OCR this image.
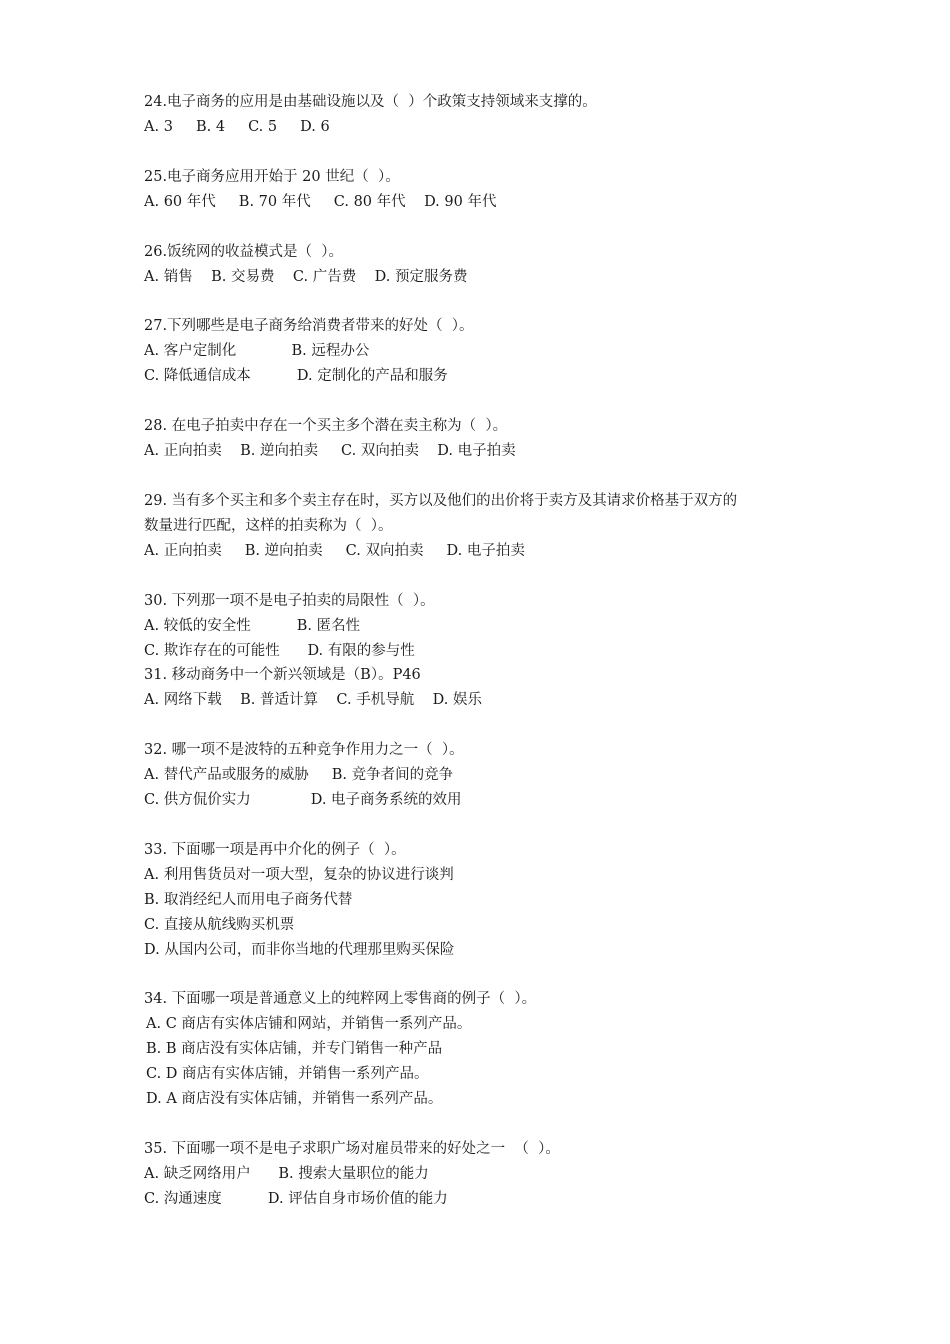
24.电子商务的应用是由基础设施以及（  ）个政策支持领域来支撑的。
A. 3     B. 4     C. 5     D. 6
25.电子商务应用开始于 20 世纪（  ）。
A. 60 年代     B. 70 年代     C. 80 年代    D. 90 年代
26.饭统网的收益模式是（  ）。
A. 销售    B. 交易费    C. 广告费    D. 预定服务费
27.下列哪些是电子商务给消费者带来的好处（  ）。
A. 客户定制化            B. 远程办公
C. 降低通信成本          D. 定制化的产品和服务
28. 在电子拍卖中存在一个买主多个潜在卖主称为（  ）。
A. 正向拍卖    B. 逆向拍卖     C. 双向拍卖    D. 电子拍卖
29. 当有多个买主和多个卖主存在时，买方以及他们的出价将于卖方及其请求价格基于双方的
数量进行匹配，这样的拍卖称为（  ）。
A. 正向拍卖     B. 逆向拍卖     C. 双向拍卖     D. 电子拍卖
30. 下列那一项不是电子拍卖的局限性（  ）。
A. 较低的安全性          B. 匿名性
C. 欺诈存在的可能性      D. 有限的参与性
31. 移动商务中一个新兴领域是（B）。P46
A. 网络下载    B. 普适计算    C. 手机导航    D. 娱乐
32. 哪一项不是波特的五种竞争作用力之一（  ）。
A. 替代产品或服务的威胁     B. 竞争者间的竞争
C. 供方侃价实力             D. 电子商务系统的效用
33. 下面哪一项是再中介化的例子（  ）。
A. 利用售货员对一项大型，复杂的协议进行谈判
B. 取消经纪人而用电子商务代替
C. 直接从航线购买机票
D. 从国内公司，而非你当地的代理那里购买保险
34. 下面哪一项是普通意义上的纯粹网上零售商的例子（  ）。
A. C 商店有实体店铺和网站，并销售一系列产品。
B. B 商店没有实体店铺，并专门销售一种产品
C. D 商店有实体店铺，并销售一系列产品。
D. A 商店没有实体店铺，并销售一系列产品。
35. 下面哪一项不是电子求职广场对雇员带来的好处之一  （  ）。
A. 缺乏网络用户      B. 搜索大量职位的能力
C. 沟通速度          D. 评估自身市场价值的能力
